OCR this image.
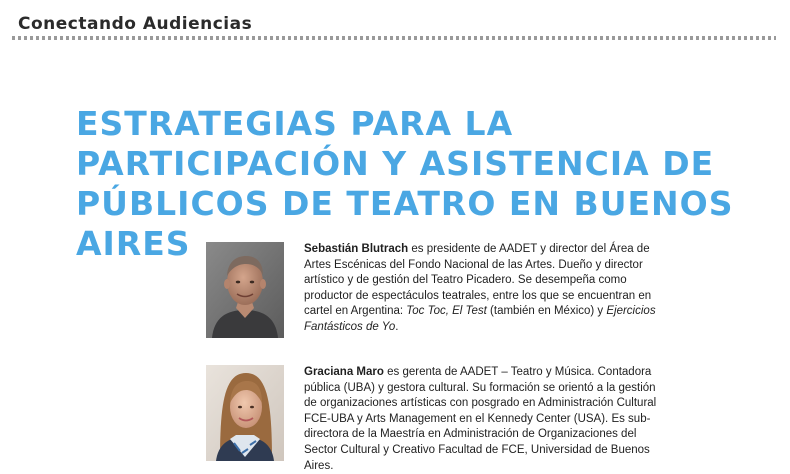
Conectando Audiencias
ESTRATEGIAS PARA LA PARTICIPACIÓN Y ASISTENCIA DE PÚBLICOS DE TEATRO EN BUENOS AIRES	Sebastián Blutrach es presidente de AADET y director del Área de Artes Escénicas del Fondo Nacional de las Artes. Dueño y director artístico y de gestión del Teatro Picadero. Se desempeña como productor de espectáculos teatrales, entre los que se encuentran en cartel en Argentina: Toc Toc, El Test (también en México) y Ejercicios Fantásticos de Yo.

Graciana Maro es gerenta de AADET – Teatro y Música. Contadora pública (UBA) y gestora cultural. Su formación se orientó a la gestión de organizaciones artísticas con posgrado en Administración Cultural FCE-UBA y Arts Management en el Kennedy Center (USA). Es sub-directora de la Maestría en Administración de Organizaciones del Sector Cultural y Creativo Facultad de FCE, Universidad de Buenos Aires.
